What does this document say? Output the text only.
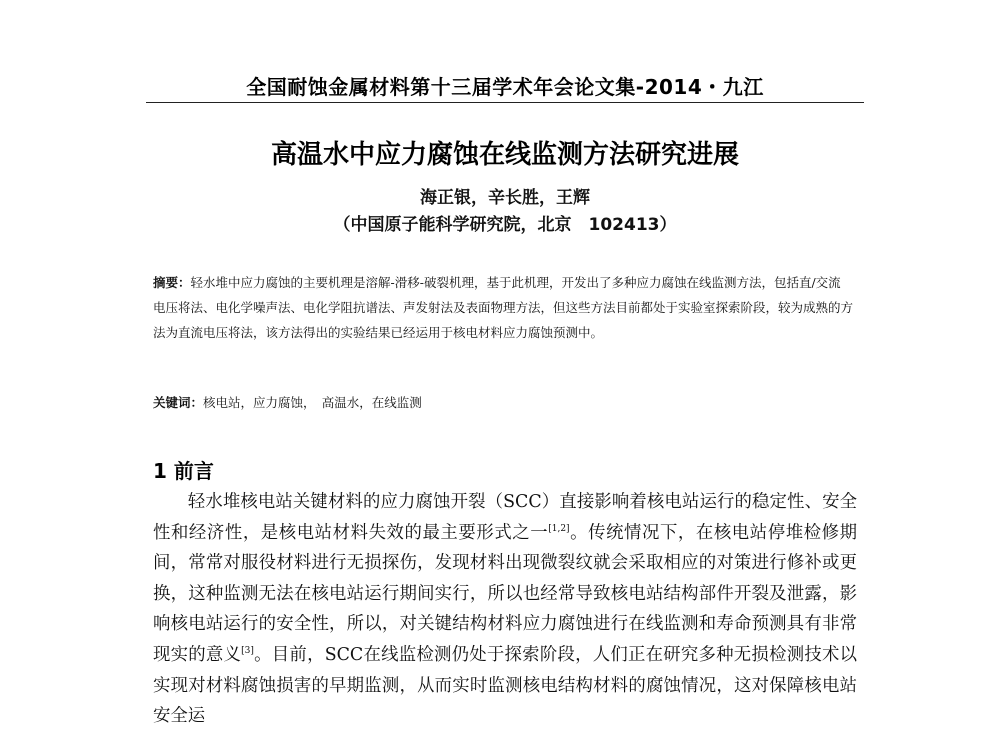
全国耐蚀金属材料第十三届学术年会论文集-2014・九江
高温水中应力腐蚀在线监测方法研究进展
海正银，辛长胜，王辉
（中国原子能科学研究院，北京　102413）
摘要：轻水堆中应力腐蚀的主要机理是溶解-滑移-破裂机理，基于此机理，开发出了多种应力腐蚀在线监测方法，包括直/交流电压将法、电化学噪声法、电化学阻抗谱法、声发射法及表面物理方法，但这些方法目前都处于实验室探索阶段，较为成熟的方法为直流电压将法，该方法得出的实验结果已经运用于核电材料应力腐蚀预测中。
关键词：核电站，应力腐蚀，　高温水，在线监测
1 前言
轻水堆核电站关键材料的应力腐蚀开裂（SCC）直接影响着核电站运行的稳定性、安全性和经济性，是核电站材料失效的最主要形式之一[1,2]。传统情况下，在核电站停堆检修期间，常常对服役材料进行无损探伤，发现材料出现微裂纹就会采取相应的对策进行修补或更换，这种监测无法在核电站运行期间实行，所以也经常导致核电站结构部件开裂及泄露，影响核电站运行的安全性，所以，对关键结构材料应力腐蚀进行在线监测和寿命预测具有非常现实的意义[3]。目前，SCC在线监检测仍处于探索阶段，人们正在研究多种无损检测技术以实现对材料腐蚀损害的早期监测，从而实时监测核电结构材料的腐蚀情况，这对保障核电站安全运
